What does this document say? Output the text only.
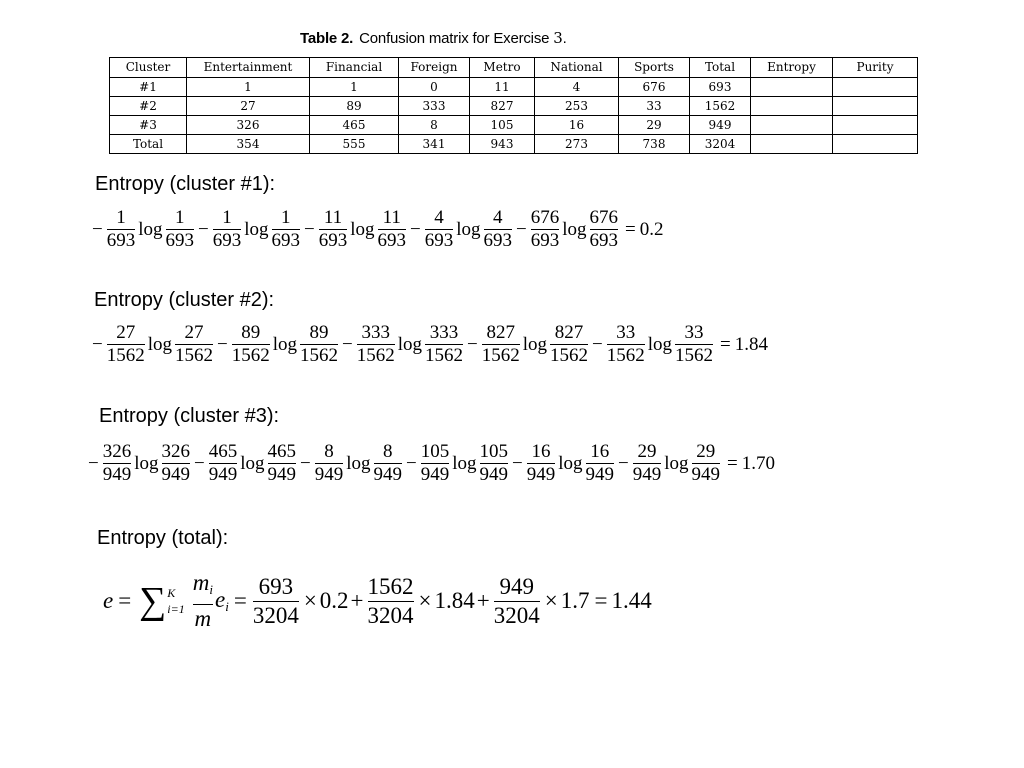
Table 2. Confusion matrix for Exercise 3.
Cluster	Entertainment	Financial	Foreign	Metro	National	Sports	Total	Entropy	Purity
#1	1	1	0	11	4	676	693		
#2	27	89	333	827	253	33	1562		
#3	326	465	8	105	16	29	949		
Total	354	555	341	943	273	738	3204		
Entropy (cluster #1):
− $\frac{1}{693}$ $\log \frac{1}{693} - \frac{1}{693}$ $\log \frac{1}{693} - \frac{11}{693}$ $\log \frac{11}{693} - \frac{4}{693}$ $\log \frac{4}{693} - \frac{676}{693}$ $\log \frac{676}{693} = 0.2$
Entropy (cluster #2):
− $\frac{27}{1562}$ $\log \frac{27}{1562} - \frac{89}{1562}$ $\log \frac{89}{1562} - \frac{333}{1562}$ $\log \frac{333}{1562} - \frac{827}{1562}$ $\log \frac{827}{1562} - \frac{33}{1562}$ $\log \frac{33}{1562} = 1.84$
Entropy (cluster #3):
− $\frac{326}{949}$ $\log \frac{326}{949} - \frac{465}{949}$ $\log \frac{465}{949} - \frac{8}{949}$ $\log \frac{8}{949} - \frac{105}{949}$ $\log \frac{105}{949} - \frac{16}{949}$ $\log \frac{16}{949} - \frac{29}{949}$ $\log \frac{29}{949} = 1.70$
Entropy (total):
e = ∑ K
$i=1 \frac{m_i}{m} e_i = \frac{693}{3204} \times 0.2 + \frac{1562}{3204} \times 1.84 + \frac{949}{3204} \times 1.7 = 1.44$
